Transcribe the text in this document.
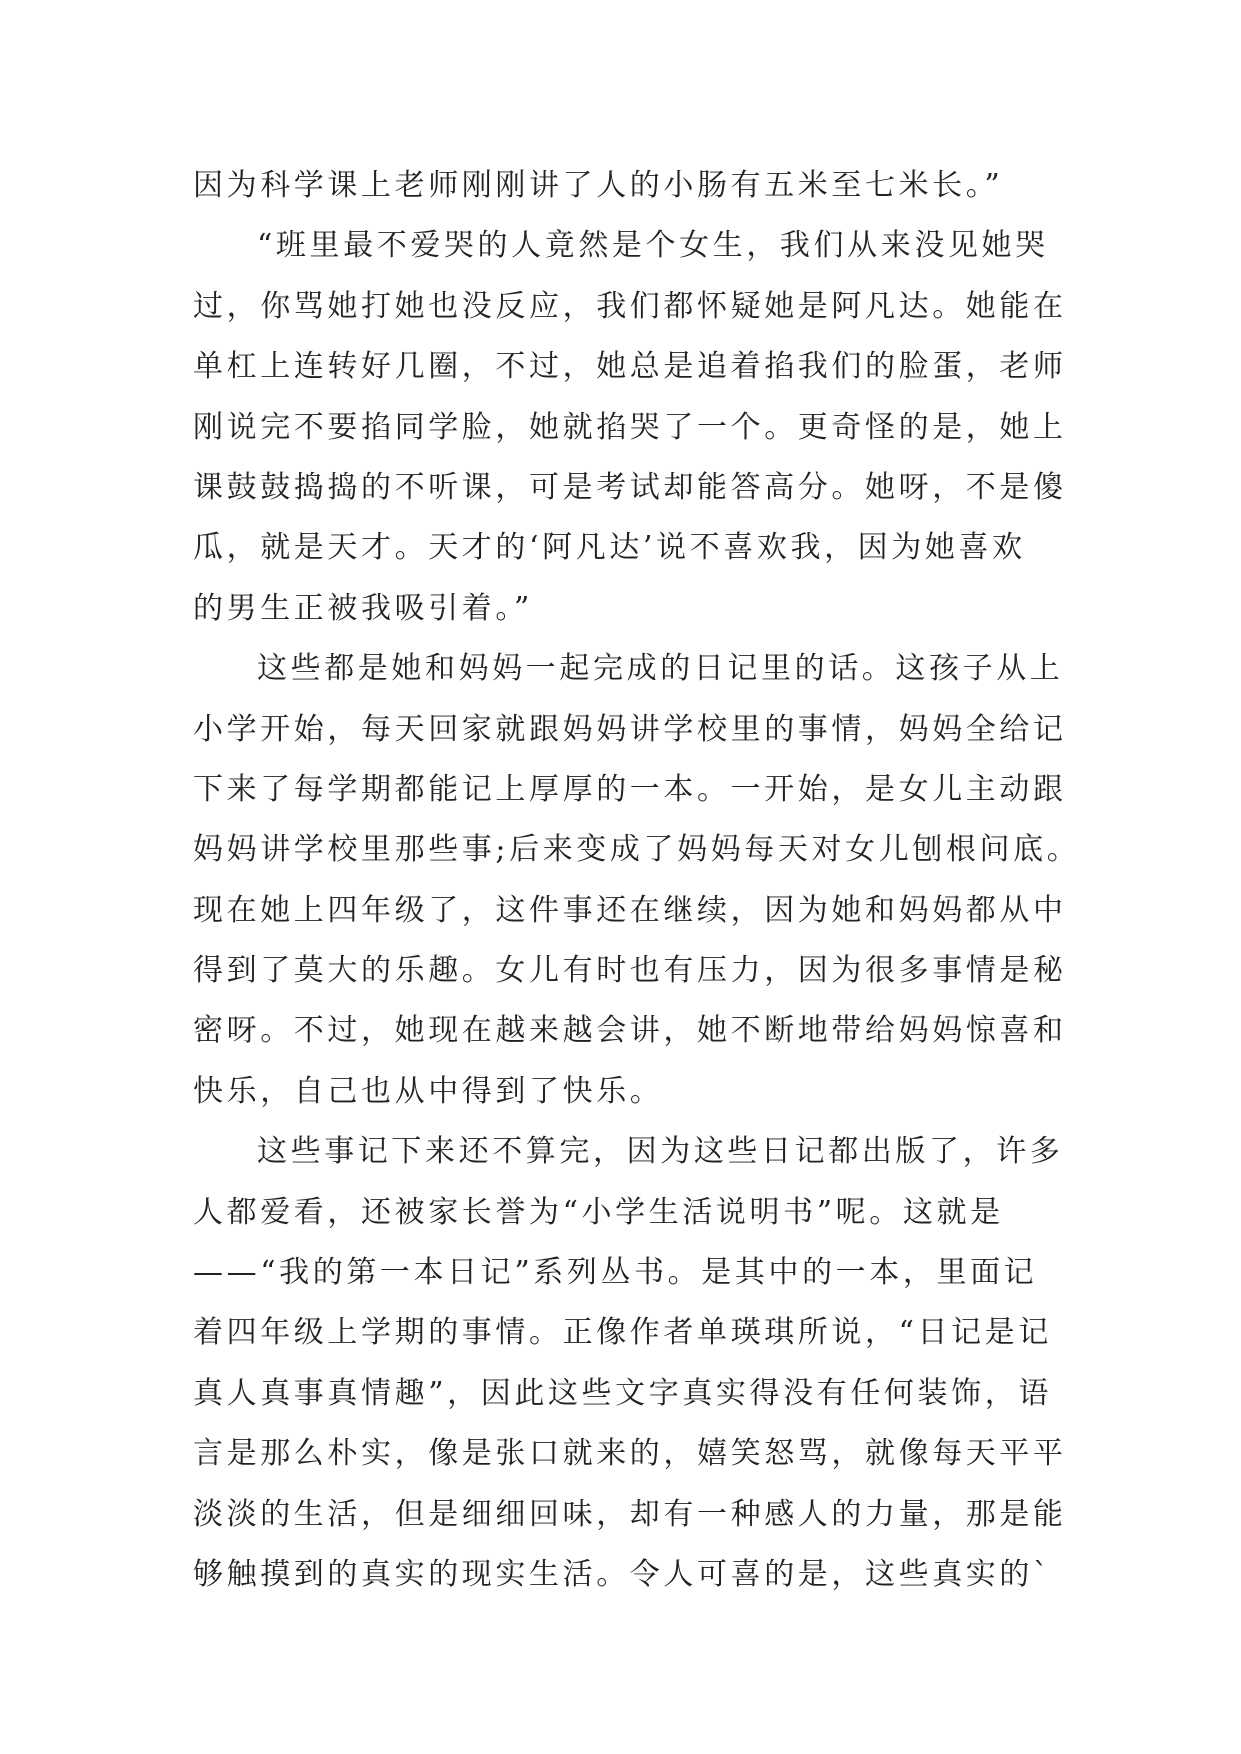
因为科学课上老师刚刚讲了人的小肠有五米至七米长。”
“班里最不爱哭的人竟然是个女生，我们从来没见她哭
过，你骂她打她也没反应，我们都怀疑她是阿凡达。她能在
单杠上连转好几圈，不过，她总是追着掐我们的脸蛋，老师
刚说完不要掐同学脸，她就掐哭了一个。更奇怪的是，她上
课鼓鼓捣捣的不听课，可是考试却能答高分。她呀，不是傻
瓜，就是天才。天才的‘阿凡达’说不喜欢我，因为她喜欢
的男生正被我吸引着。”
这些都是她和妈妈一起完成的日记里的话。这孩子从上
小学开始，每天回家就跟妈妈讲学校里的事情，妈妈全给记
下来了每学期都能记上厚厚的一本。一开始，是女儿主动跟
妈妈讲学校里那些事;后来变成了妈妈每天对女儿刨根问底。
现在她上四年级了，这件事还在继续，因为她和妈妈都从中
得到了莫大的乐趣。女儿有时也有压力，因为很多事情是秘
密呀。不过，她现在越来越会讲，她不断地带给妈妈惊喜和
快乐，自己也从中得到了快乐。
这些事记下来还不算完，因为这些日记都出版了，许多
人都爱看，还被家长誉为“小学生活说明书”呢。这就是
——“我的第一本日记”系列丛书。是其中的一本，里面记
着四年级上学期的事情。正像作者单瑛琪所说，“日记是记
真人真事真情趣”，因此这些文字真实得没有任何装饰，语
言是那么朴实，像是张口就来的，嬉笑怒骂，就像每天平平
淡淡的生活，但是细细回味，却有一种感人的力量，那是能
够触摸到的真实的现实生活。令人可喜的是，这些真实的`
